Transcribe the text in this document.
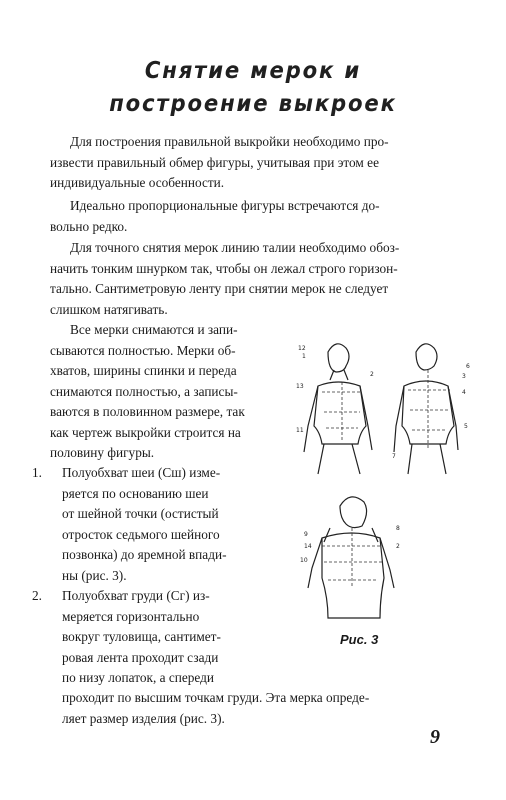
Снятие мерок и
построение выкроек
Для построения правильной выкройки необходимо про-
извести правильный обмер фигуры, учитывая при этом ее
индивидуальные особенности.
Идеально пропорциональные фигуры встречаются до-
вольно редко.
Для точного снятия мерок линию талии необходимо обоз-
начить тонким шнурком так, чтобы он лежал строго горизон-
тально. Сантиметровую ленту при снятии мерок не следует
слишком натягивать.
Все мерки снимаются и запи-
сываются полностью. Мерки об-
хватов, ширины спинки и переда
снимаются полностью, а записы-
ваются в половинном размере, так
как чертеж выкройки строится на
половину фигуры.
1. Полуобхват шеи (Сш) изме-
ряется по основанию шеи
от шейной точки (остистый
отросток седьмого шейного
позвонка) до яремной впади-
ны (рис. 3).
2. Полуобхват груди (Сг) из-
меряется горизонтально
вокруг туловища, сантимет-
ровая лента проходит сзади
по низу лопаток, а спереди
проходит по высшим точкам груди. Эта мерка опреде-
ляет размер изделия (рис. 3).
12
1
2
13
11
6
3
4
5
7
9
14
8
10
2
Рис. 3
9
